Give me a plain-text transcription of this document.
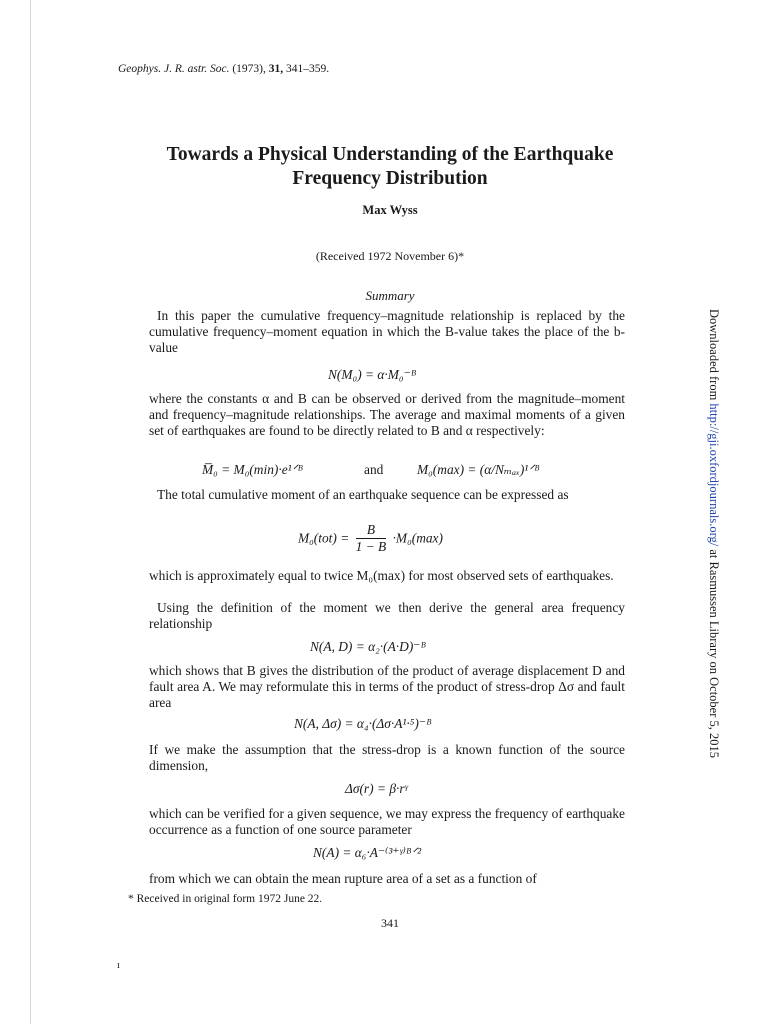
Geophys. J. R. astr. Soc. (1973), 31, 341–359.
Towards a Physical Understanding of the Earthquake
Frequency Distribution
Max Wyss
(Received 1972 November 6)*
Summary
In this paper the cumulative frequency–magnitude relationship is replaced by the cumulative frequency–moment equation in which the B-value takes the place of the b-value
N(M₀) = α·M₀⁻ᴮ
where the constants α and B can be observed or derived from the magnitude–moment and frequency–magnitude relationships. The average and maximal moments of a given set of earthquakes are found to be directly related to B and α respectively:
M̅₀ = M₀(min)·e¹ᐟᴮ	and	M₀(max) = (α/Nₘₐₓ)¹ᐟᴮ
The total cumulative moment of an earthquake sequence can be expressed as
$M_0(tot) = \frac{B}{1 - B} \cdot M_0(\max)$
which is approximately equal to twice M₀(max) for most observed sets of earthquakes.
Using the definition of the moment we then derive the general area frequency relationship
N(A, D) = α₂·(A·D)⁻ᴮ
which shows that B gives the distribution of the product of average displacement D and fault area A. We may reformulate this in terms of the product of stress-drop Δσ and fault area
N(A, Δσ) = α₄·(Δσ·A¹·⁵)⁻ᴮ
If we make the assumption that the stress-drop is a known function of the source dimension,
Δσ(r) = β·rᵞ
which can be verified for a given sequence, we may express the frequency of earthquake occurrence as a function of one source parameter
N(A) = α₆·A⁻⁽³⁺ᵞ⁾ᴮᐟ²
from which we can obtain the mean rupture area of a set as a function of
* Received in original form 1972 June 22.
341
ı
Downloaded from http://gji.oxfordjournals.org/ at Rasmussen Library on October 5, 2015
